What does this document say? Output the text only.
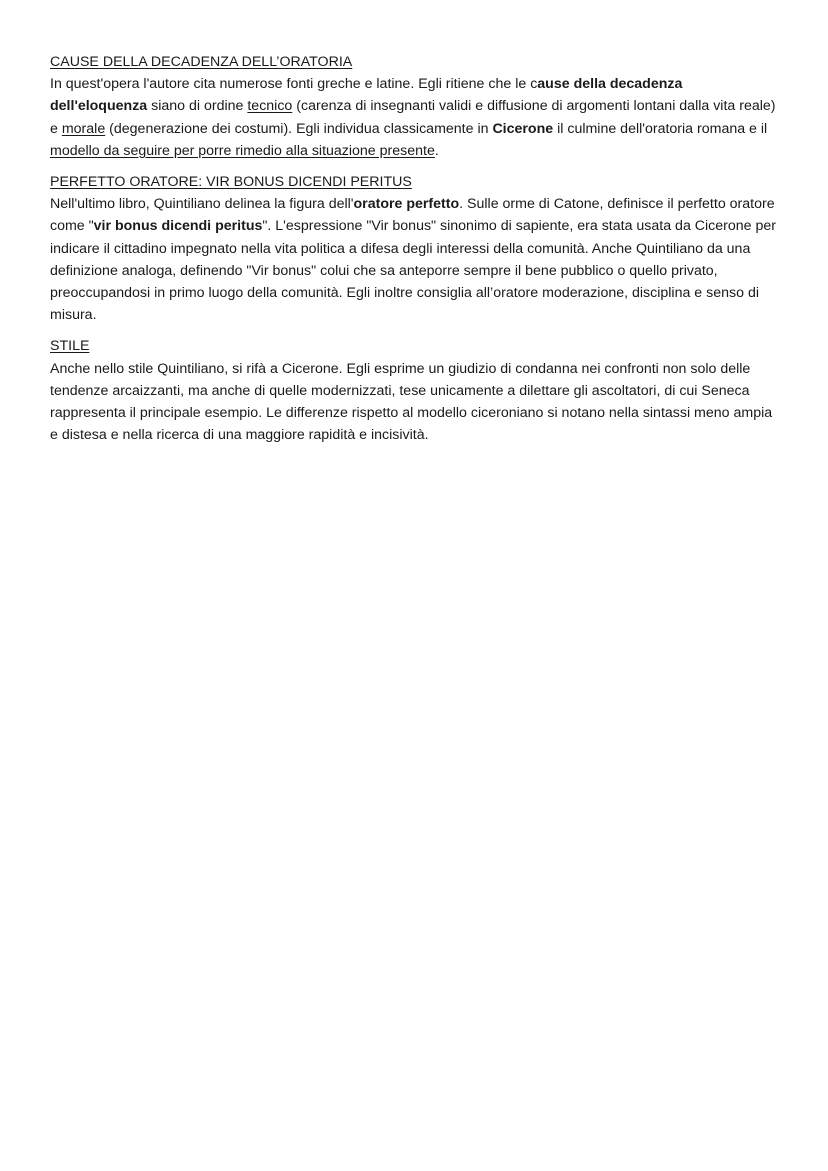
CAUSE DELLA DECADENZA DELL’ORATORIA

In quest'opera l'autore cita numerose fonti greche e latine. Egli ritiene che le cause della decadenza dell'eloquenza siano di ordine tecnico (carenza di insegnanti validi e diffusione di argomenti lontani dalla vita reale) e morale (degenerazione dei costumi). Egli individua classicamente in Cicerone il culmine dell'oratoria romana e il modello da seguire per porre rimedio alla situazione presente.

PERFETTO ORATORE: VIR BONUS DICENDI PERITUS

Nell'ultimo libro, Quintiliano delinea la figura dell'oratore perfetto. Sulle orme di Catone, definisce il perfetto oratore come "vir bonus dicendi peritus". L'espressione "Vir bonus" sinonimo di sapiente, era stata usata da Cicerone per indicare il cittadino impegnato nella vita politica a difesa degli interessi della comunità. Anche Quintiliano da una definizione analoga, definendo "Vir bonus" colui che sa anteporre sempre il bene pubblico o quello privato, preoccupandosi in primo luogo della comunità. Egli inoltre consiglia all’oratore moderazione, disciplina e senso di misura.

STILE

Anche nello stile Quintiliano, si rifà a Cicerone. Egli esprime un giudizio di condanna nei confronti non solo delle tendenze arcaizzanti, ma anche di quelle modernizzati, tese unicamente a dilettare gli ascoltatori, di cui Seneca rappresenta il principale esempio. Le differenze rispetto al modello ciceroniano si notano nella sintassi meno ampia e distesa e nella ricerca di una maggiore rapidità e incisività.
